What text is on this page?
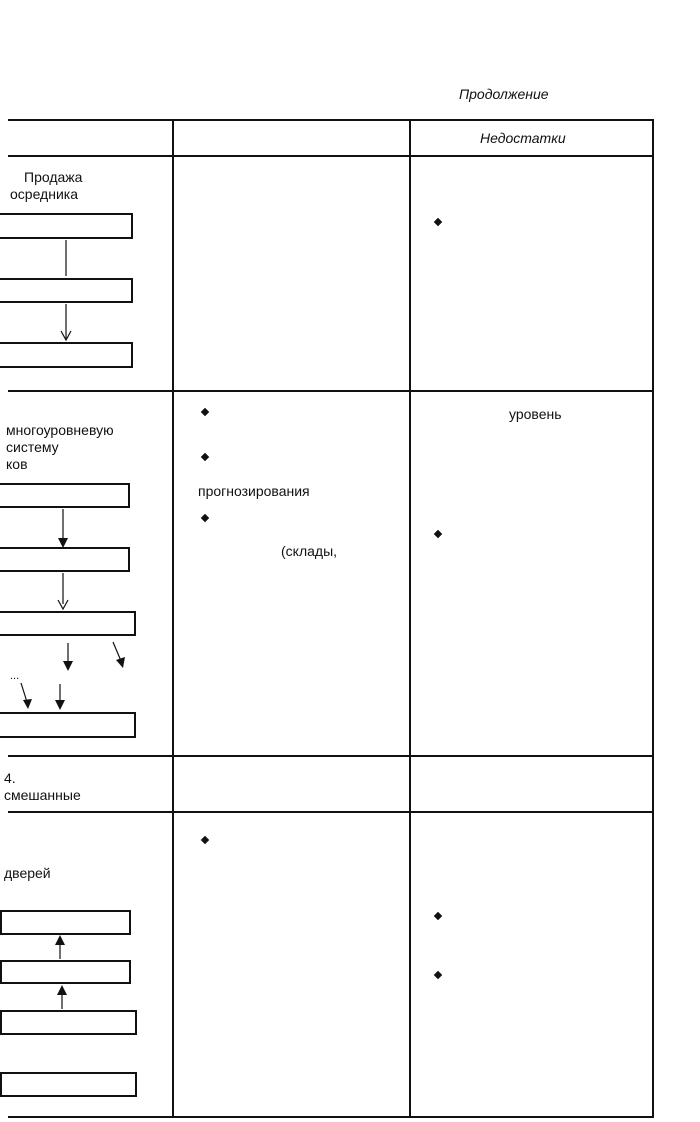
Продолжение
Недостатки
Продажа
осредника
многоуровневую
систему
ков
...
прогнозирования
(склады,
уровень
4.
смешанные
дверей
